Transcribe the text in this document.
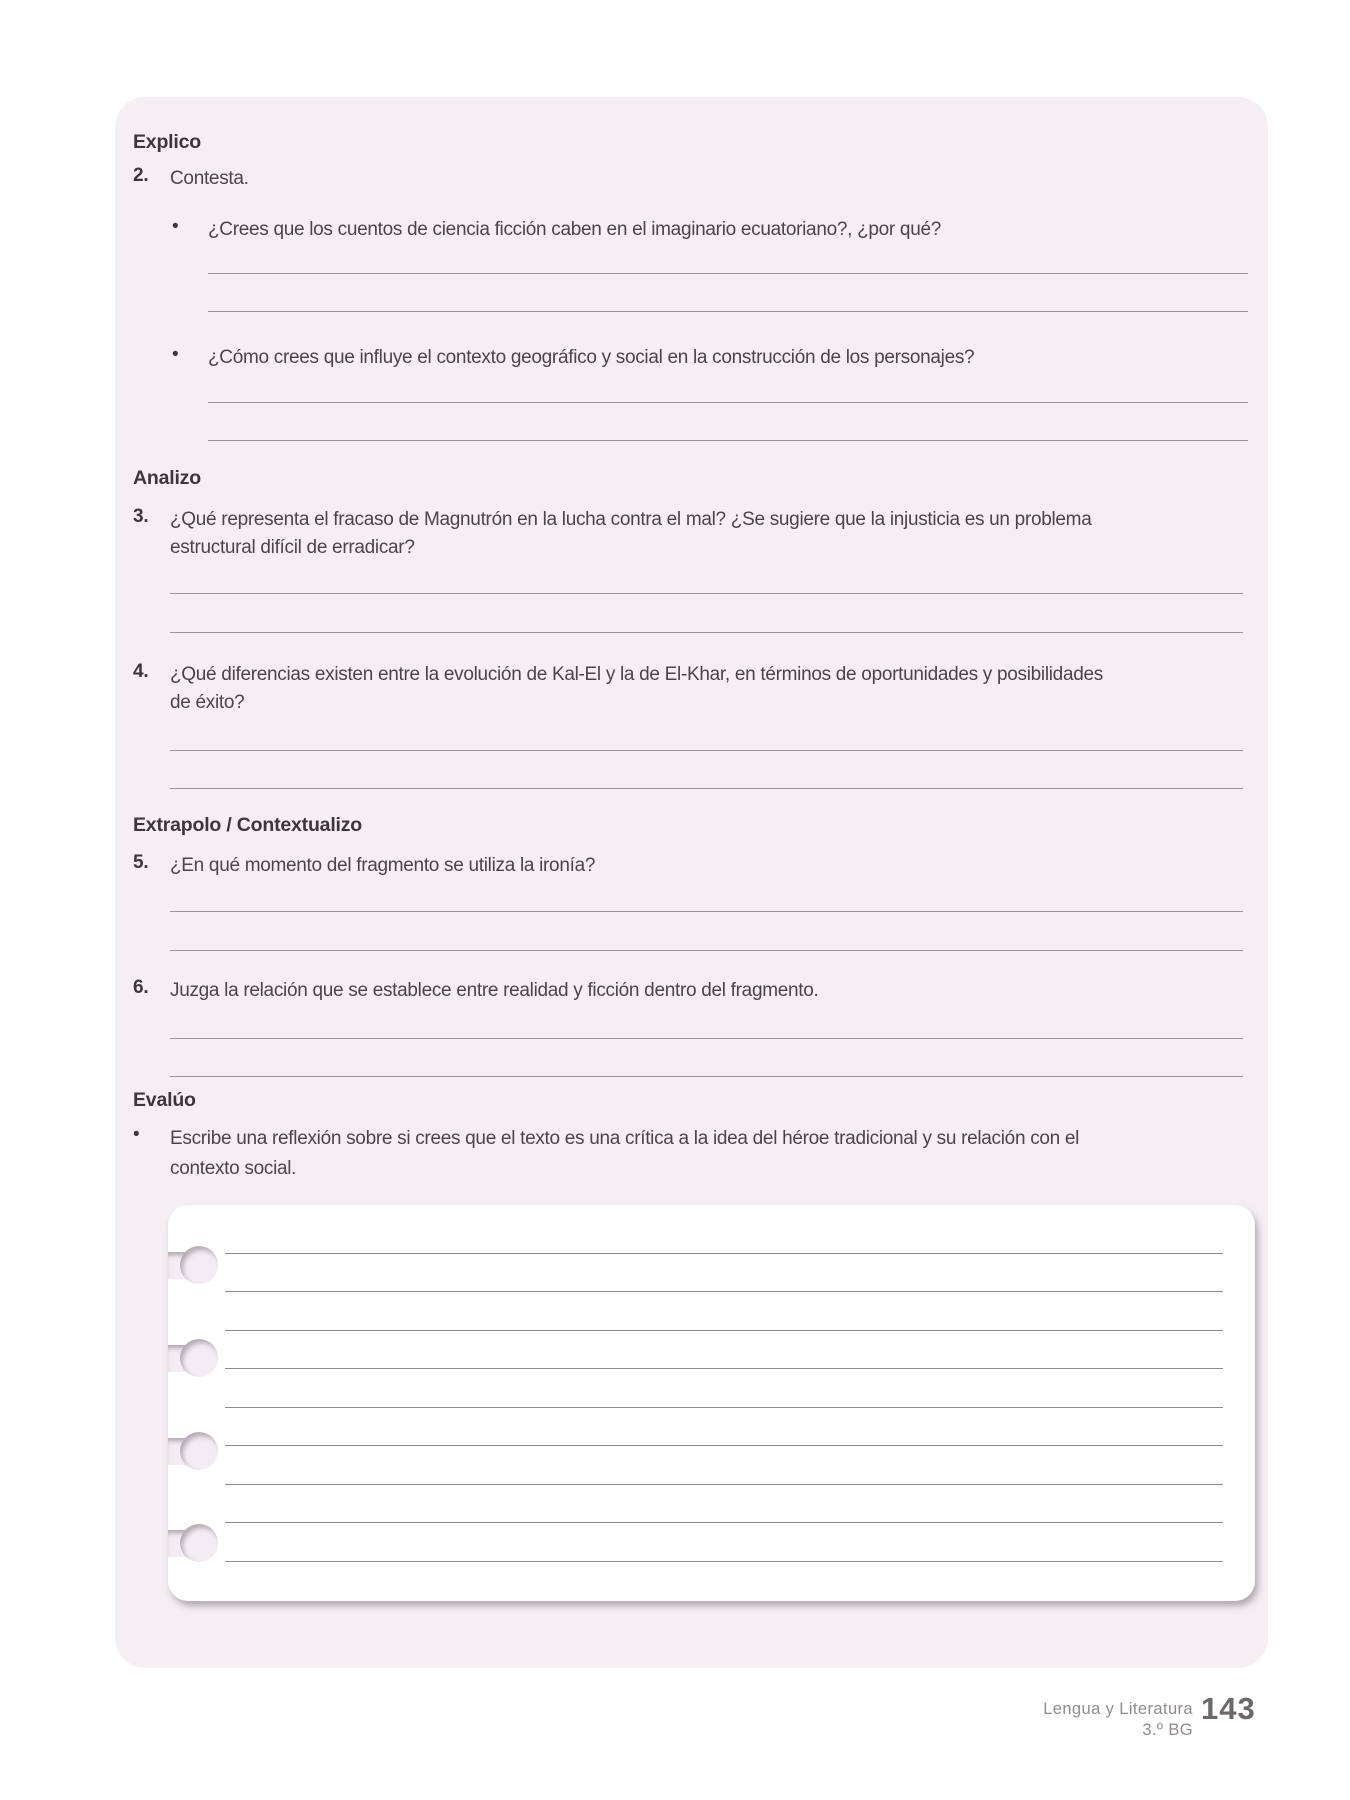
Explico
2. Contesta.
• ¿Crees que los cuentos de ciencia ficción caben en el imaginario ecuatoriano?, ¿por qué?
• ¿Cómo crees que influye el contexto geográfico y social en la construcción de los personajes?
Analizo
3. ¿Qué representa el fracaso de Magnutrón en la lucha contra el mal? ¿Se sugiere que la injusticia es un problema
estructural difícil de erradicar?
4. ¿Qué diferencias existen entre la evolución de Kal-El y la de El-Khar, en términos de oportunidades y posibilidades
de éxito?
Extrapolo / Contextualizo
5. ¿En qué momento del fragmento se utiliza la ironía?
6. Juzga la relación que se establece entre realidad y ficción dentro del fragmento.
Evalúo
• Escribe una reflexión sobre si crees que el texto es una crítica a la idea del héroe tradicional y su relación con el
contexto social.
Lengua y Literatura
3.º BG
143
